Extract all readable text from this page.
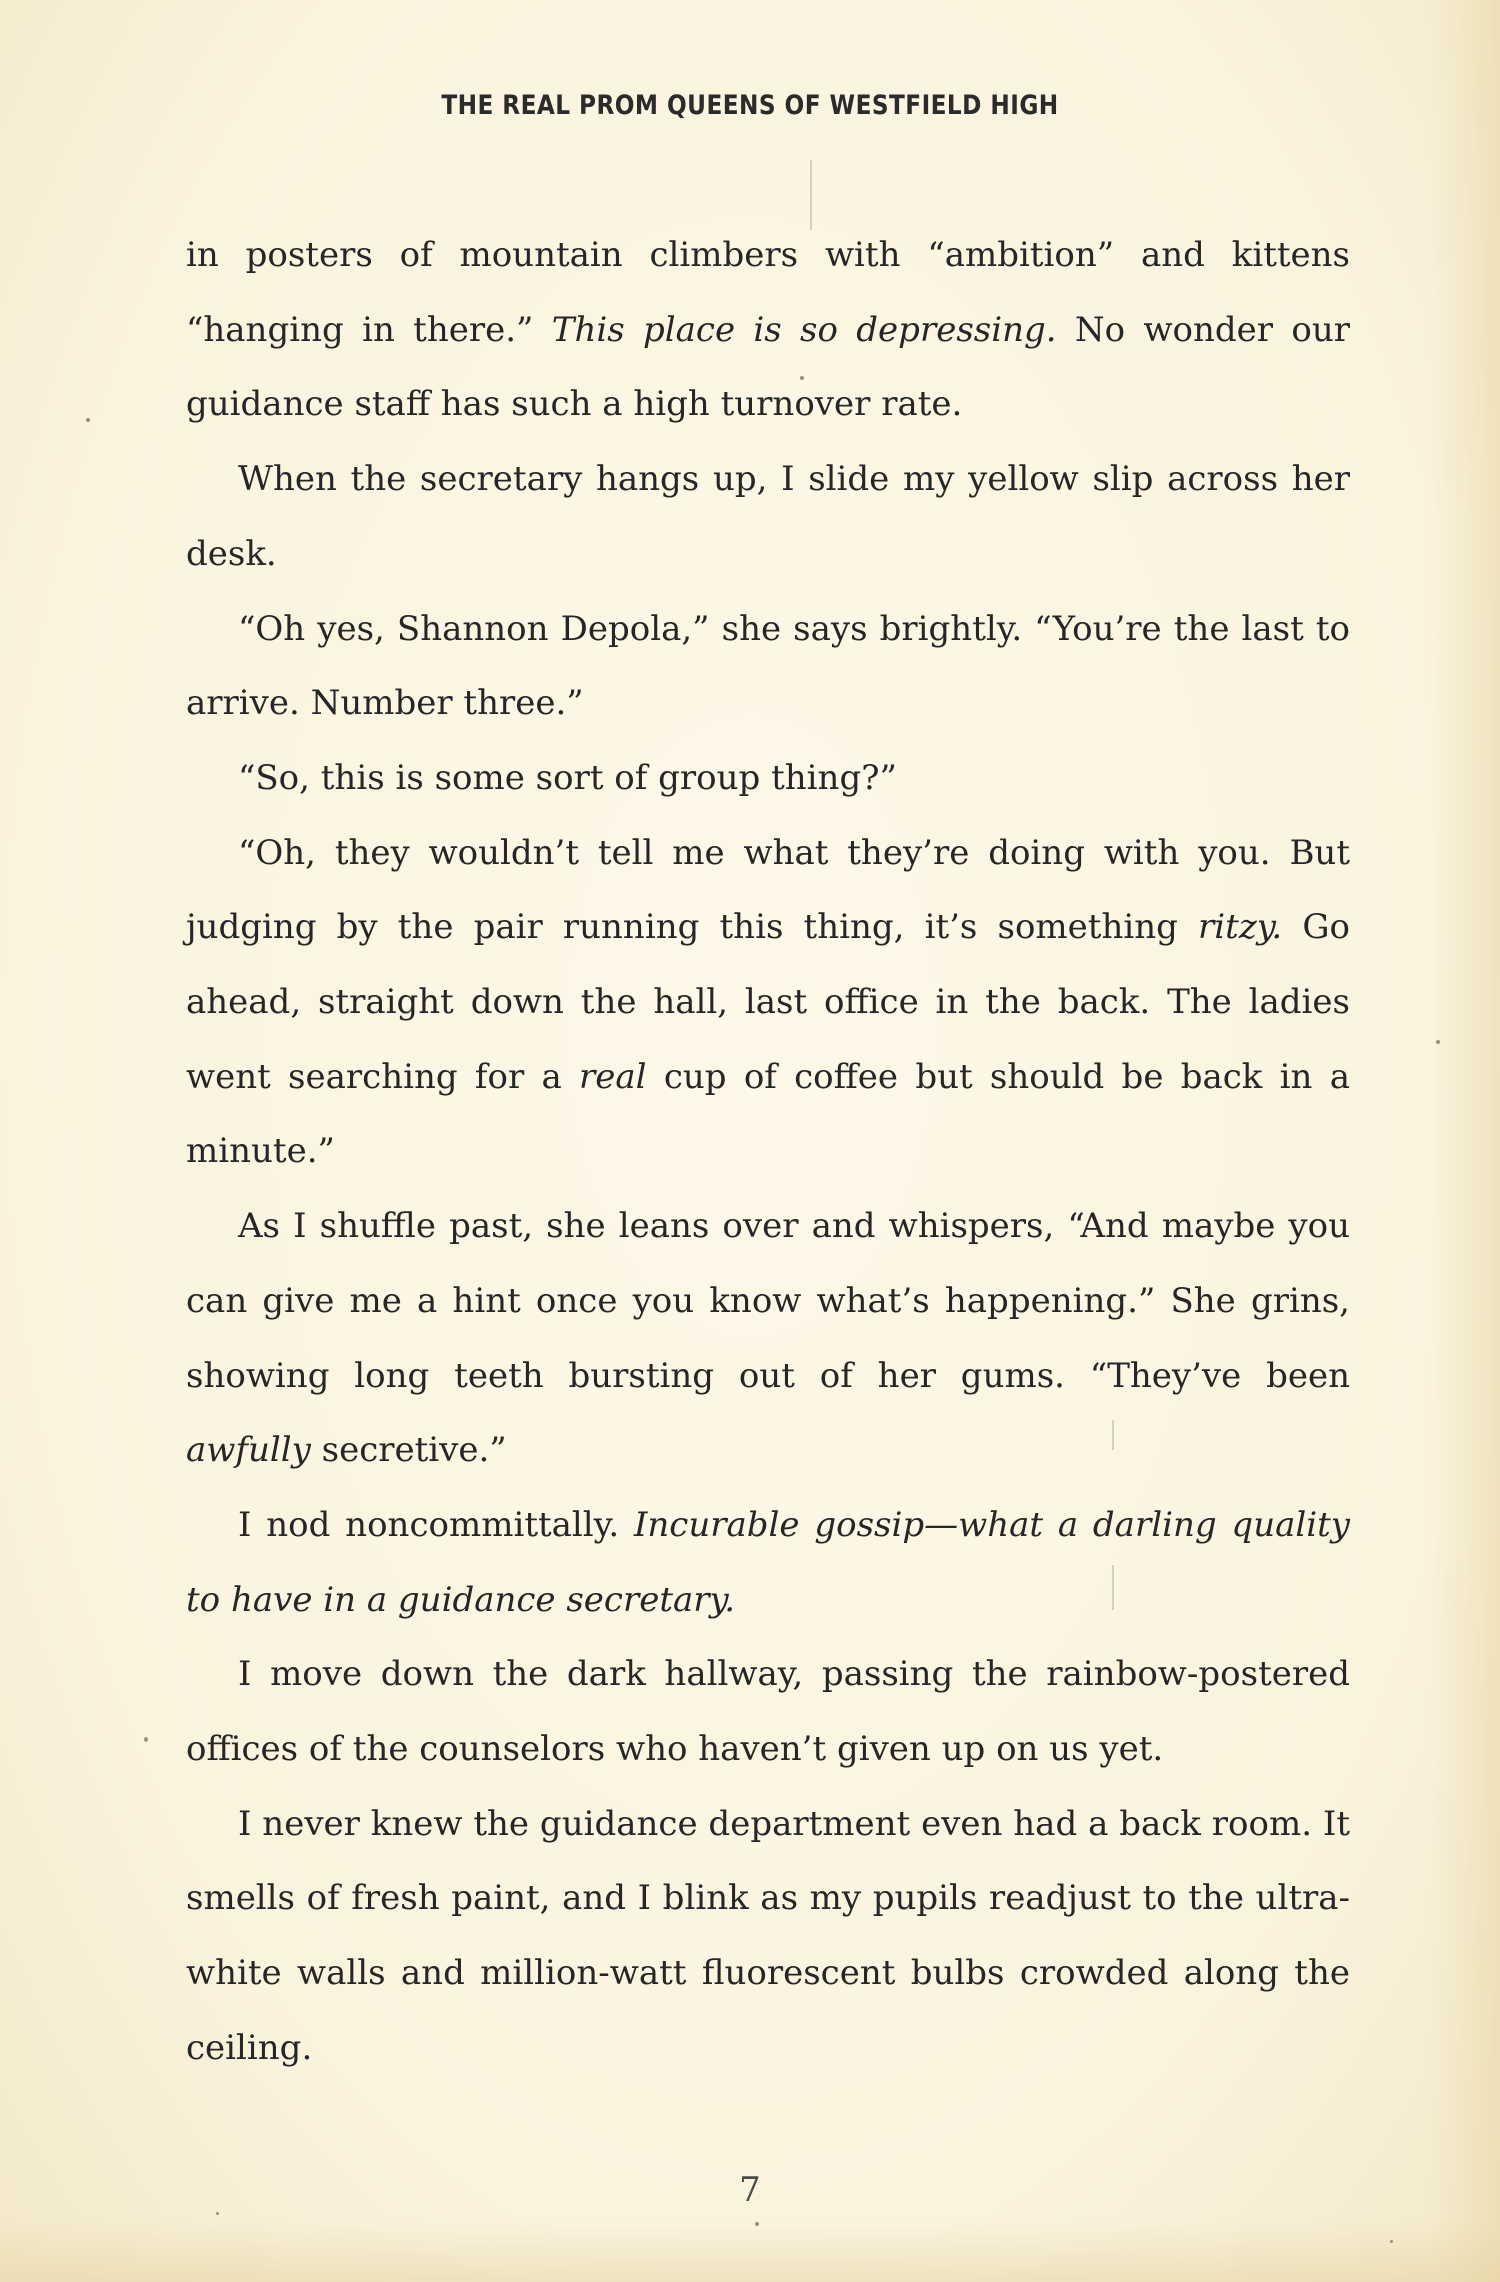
THE REAL PROM QUEENS OF WESTFIELD HIGH

in posters of mountain climbers with “ambition” and kittens “hanging in there.” This place is so depressing. No wonder our guidance staff has such a high turnover rate.

When the secretary hangs up, I slide my yellow slip across her desk.

“Oh yes, Shannon Depola,” she says brightly. “You’re the last to arrive. Number three.”

“So, this is some sort of group thing?”

“Oh, they wouldn’t tell me what they’re doing with you. But judging by the pair running this thing, it’s something ritzy. Go ahead, straight down the hall, last office in the back. The ladies went searching for a real cup of coffee but should be back in a minute.”

As I shuffle past, she leans over and whispers, “And maybe you can give me a hint once you know what’s happening.” She grins, showing long teeth bursting out of her gums. “They’ve been awfully secretive.”

I nod noncommittally. Incurable gossip—what a darling quality to have in a guidance secretary.

I move down the dark hallway, passing the rainbow-postered offices of the counselors who haven’t given up on us yet.

I never knew the guidance department even had a back room. It smells of fresh paint, and I blink as my pupils readjust to the ultra-white walls and million-watt fluorescent bulbs crowded along the ceiling.

7
